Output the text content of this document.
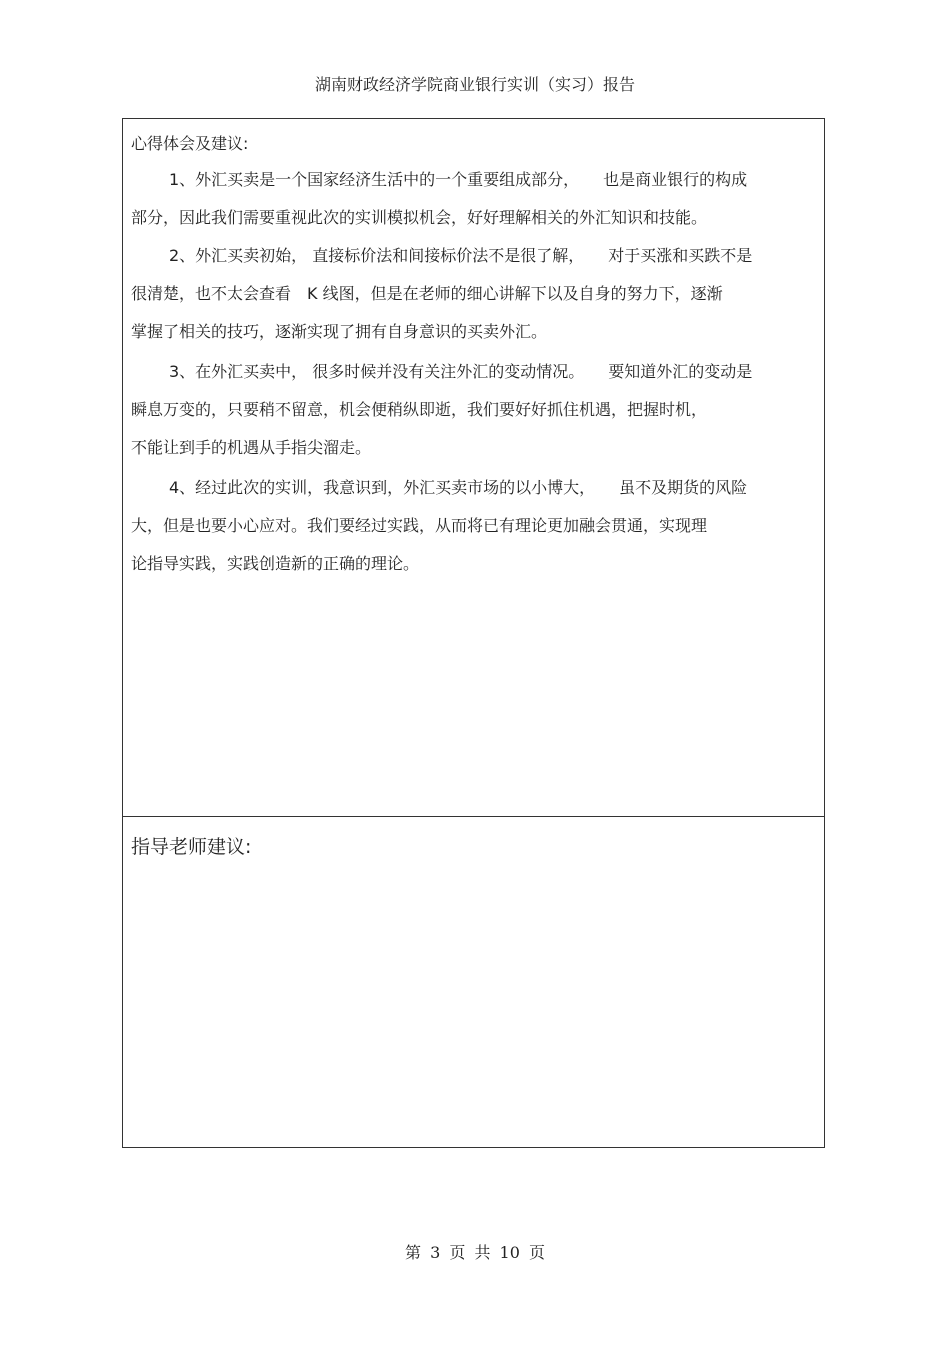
湖南财政经济学院商业银行实训（实习）报告
心得体会及建议:
1、外汇买卖是一个国家经济生活中的一个重要组成部分，　　也是商业银行的构成
部分，因此我们需要重视此次的实训模拟机会，好好理解相关的外汇知识和技能。
2、外汇买卖初始， 直接标价法和间接标价法不是很了解，　　对于买涨和买跌不是
很清楚，也不太会查看　K 线图，但是在老师的细心讲解下以及自身的努力下，逐渐
掌握了相关的技巧，逐渐实现了拥有自身意识的买卖外汇。
3、在外汇买卖中， 很多时候并没有关注外汇的变动情况。　　要知道外汇的变动是
瞬息万变的，只要稍不留意，机会便稍纵即逝，我们要好好抓住机遇，把握时机，
不能让到手的机遇从手指尖溜走。
4、经过此次的实训，我意识到，外汇买卖市场的以小博大，　　虽不及期货的风险
大，但是也要小心应对。我们要经过实践，从而将已有理论更加融会贯通，实现理
论指导实践，实践创造新的正确的理论。
指导老师建议:
第 3 页 共 10 页
